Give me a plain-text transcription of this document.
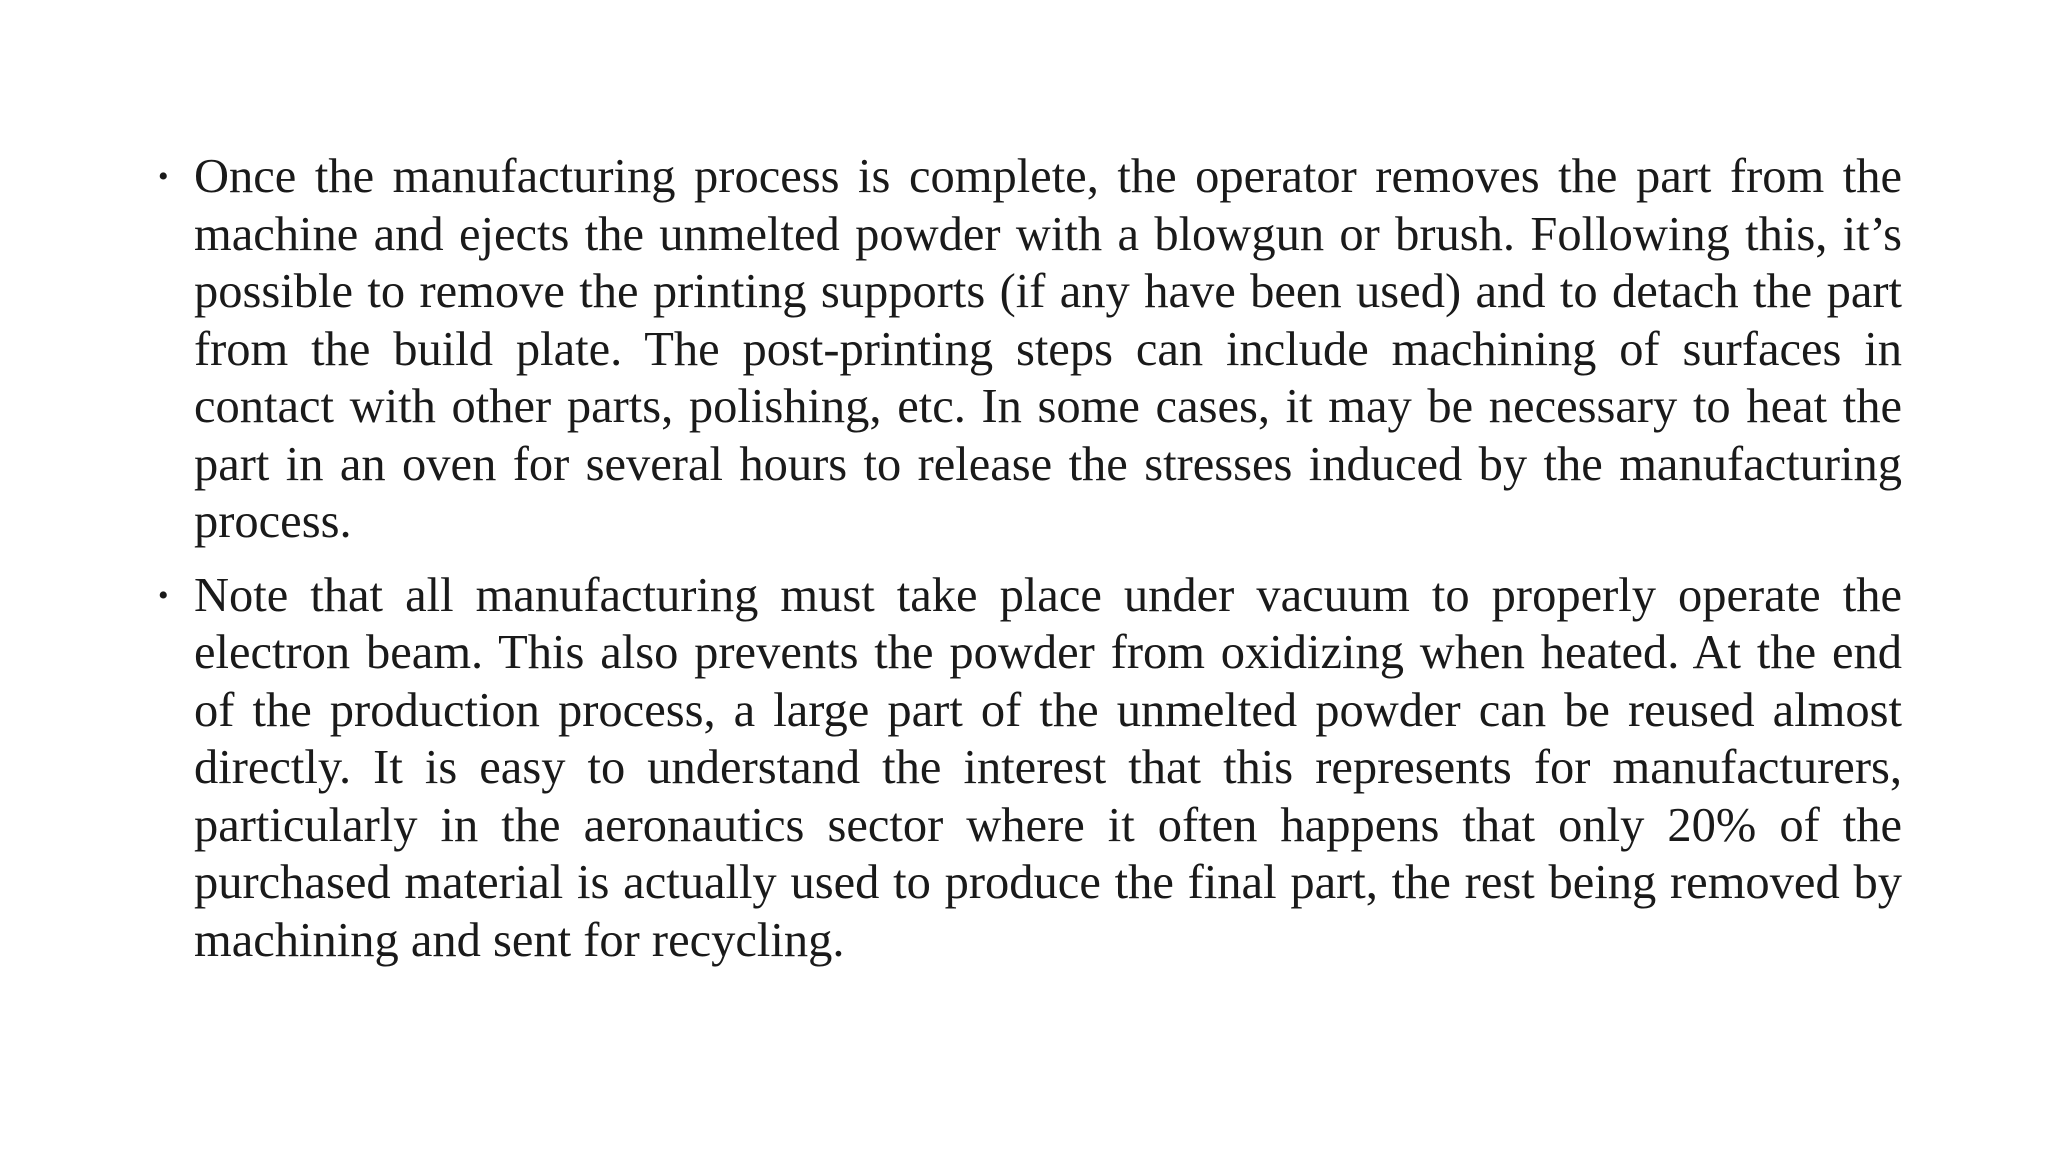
• Once the manufacturing process is complete, the operator removes the part from the machine and ejects the unmelted powder with a blowgun or brush. Following this, it’s possible to remove the printing supports (if any have been used) and to detach the part from the build plate. The post-printing steps can include machining of surfaces in contact with other parts, polishing, etc. In some cases, it may be necessary to heat the part in an oven for several hours to release the stresses induced by the manufacturing process.
• Note that all manufacturing must take place under vacuum to properly operate the electron beam. This also prevents the powder from oxidizing when heated. At the end of the production process, a large part of the unmelted powder can be reused almost directly. It is easy to understand the interest that this represents for manufacturers, particularly in the aeronautics sector where it often happens that only 20% of the purchased material is actually used to produce the final part, the rest being removed by machining and sent for recycling.
